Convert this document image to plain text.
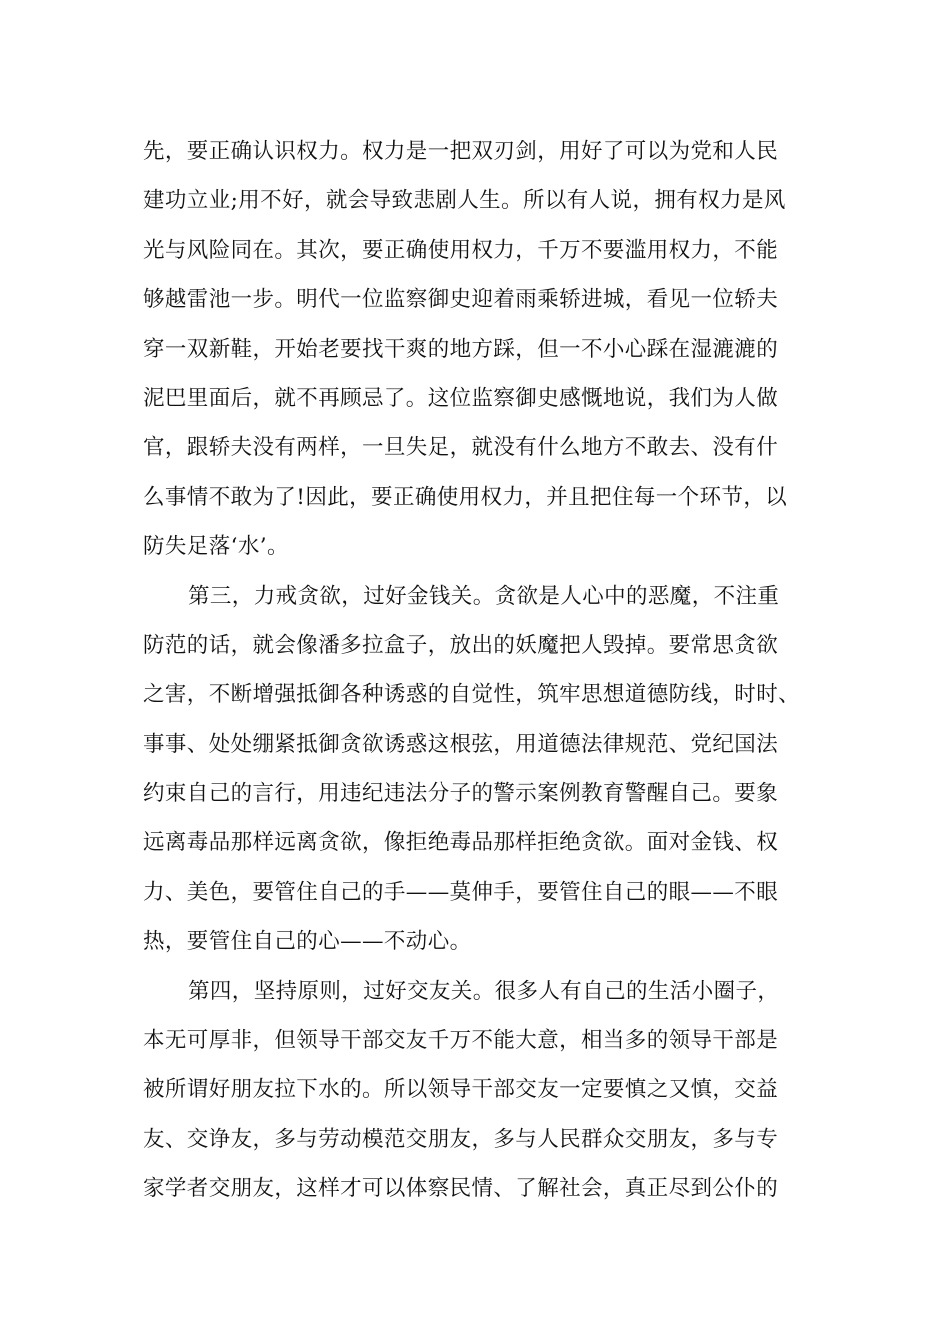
先，要正确认识权力。权力是一把双刃剑，用好了可以为党和人民
建功立业;用不好，就会导致悲剧人生。所以有人说，拥有权力是风
光与风险同在。其次，要正确使用权力，千万不要滥用权力，不能
够越雷池一步。明代一位监察御史迎着雨乘轿进城，看见一位轿夫
穿一双新鞋，开始老要找干爽的地方踩，但一不小心踩在湿漉漉的
泥巴里面后，就不再顾忌了。这位监察御史感慨地说，我们为人做
官，跟轿夫没有两样，一旦失足，就没有什么地方不敢去、没有什
么事情不敢为了!因此，要正确使用权力，并且把住每一个环节，以
防失足落‘水’。
第三，力戒贪欲，过好金钱关。贪欲是人心中的恶魔，不注重
防范的话，就会像潘多拉盒子，放出的妖魔把人毁掉。要常思贪欲
之害，不断增强抵御各种诱惑的自觉性，筑牢思想道德防线，时时、
事事、处处绷紧抵御贪欲诱惑这根弦，用道德法律规范、党纪国法
约束自己的言行，用违纪违法分子的警示案例教育警醒自己。要象
远离毒品那样远离贪欲，像拒绝毒品那样拒绝贪欲。面对金钱、权
力、美色，要管住自己的手——莫伸手，要管住自己的眼——不眼
热，要管住自己的心——不动心。
第四，坚持原则，过好交友关。很多人有自己的生活小圈子，
本无可厚非，但领导干部交友千万不能大意，相当多的领导干部是
被所谓好朋友拉下水的。所以领导干部交友一定要慎之又慎，交益
友、交诤友，多与劳动模范交朋友，多与人民群众交朋友，多与专
家学者交朋友，这样才可以体察民情、了解社会，真正尽到公仆的
